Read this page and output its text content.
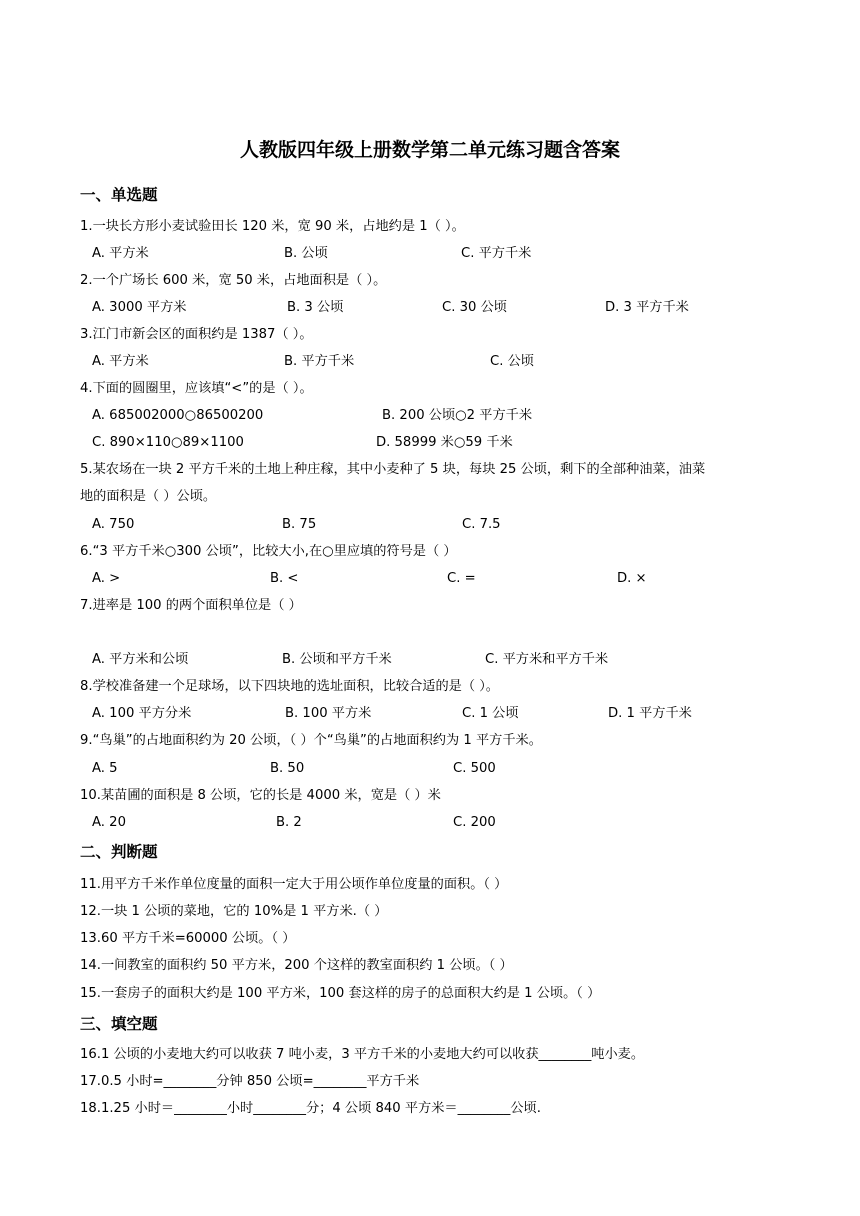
人教版四年级上册数学第二单元练习题含答案
一、单选题
1.一块长方形小麦试验田长 120 米，宽 90 米，占地约是 1（ ）。
A. 平方米	B. 公顷	C. 平方千米
2.一个广场长 600 米，宽 50 米，占地面积是（ ）。
A. 3000 平方米	B. 3 公顷	C. 30 公顷	D. 3 平方千米
3.江门市新会区的面积约是 1387（ ）。
A. 平方米	B. 平方千米	C. 公顷
4.下面的圆圈里，应该填“<”的是（ ）。
A. 685002000○86500200	B. 200 公顷○2 平方千米
C. 890×110○89×1100	D. 58999 米○59 千米
5.某农场在一块 2 平方千米的土地上种庄稼，其中小麦种了 5 块，每块 25 公顷，剩下的全部种油菜，油菜
地的面积是（ ）公顷。
A. 750	B. 75	C. 7.5
6.“3 平方千米○300 公顷”，比较大小,在○里应填的符号是（ ）
A. >	B. <	C. =	D. ×
7.进率是 100 的两个面积单位是（ ）
A. 平方米和公顷	B. 公顷和平方千米	C. 平方米和平方千米
8.学校准备建一个足球场，以下四块地的选址面积，比较合适的是（ ）。
A. 100 平方分米	B. 100 平方米	C. 1 公顷	D. 1 平方千米
9.“鸟巢”的占地面积约为 20 公顷，（ ）个“鸟巢”的占地面积约为 1 平方千米。
A. 5	B. 50	C. 500
10.某苗圃的面积是 8 公顷，它的长是 4000 米，宽是（ ）米
A. 20	B. 2	C. 200
二、判断题
11.用平方千米作单位度量的面积一定大于用公顷作单位度量的面积。（ ）
12.一块 1 公顷的菜地，它的 10%是 1 平方米.（ ）
13.60 平方千米=60000 公顷。（ ）
14.一间教室的面积约 50 平方米，200 个这样的教室面积约 1 公顷。（ ）
15.一套房子的面积大约是 100 平方米，100 套这样的房子的总面积大约是 1 公顷。（ ）
三、填空题
16.1 公顷的小麦地大约可以收获 7 吨小麦，3 平方千米的小麦地大约可以收获________吨小麦。
17.0.5 小时=________分钟 850 公顷=________平方千米
18.1.25 小时＝________小时________分；4 公顷 840 平方米＝________公顷.
